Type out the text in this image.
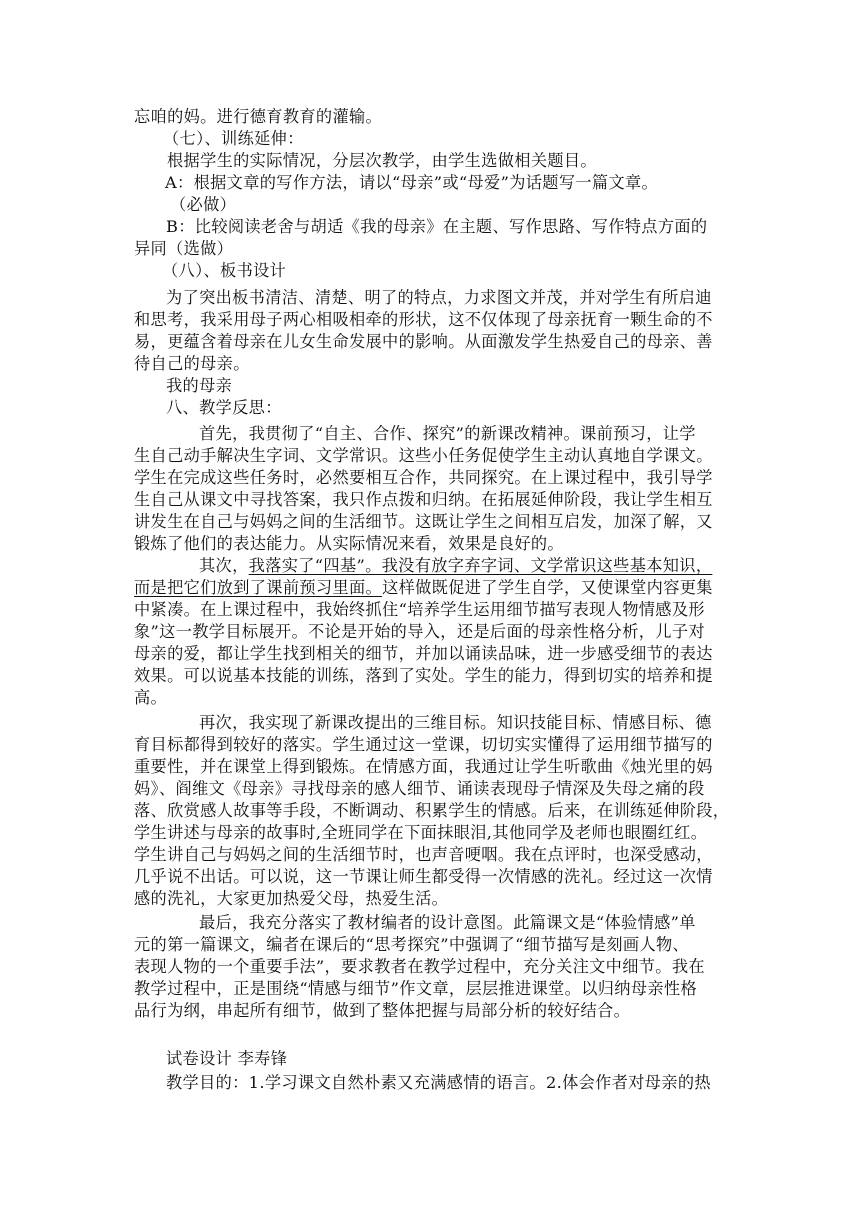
忘咱的妈。进行德育教育的灌输。
（七）、训练延伸：
根据学生的实际情况，分层次教学，由学生选做相关题目。
A：根据文章的写作方法，请以“母亲”或“母爱”为话题写一篇文章。
（必做）
B：比较阅读老舍与胡适《我的母亲》在主题、写作思路、写作特点方面的
异同（选做）
（八）、板书设计
为了突出板书清洁、清楚、明了的特点，力求图文并茂，并对学生有所启迪
和思考，我采用母子两心相吸相牵的形状，这不仅体现了母亲抚育一颗生命的不
易，更蕴含着母亲在儿女生命发展中的影响。从面激发学生热爱自己的母亲、善
待自己的母亲。
我的母亲
八、教学反思：
首先，我贯彻了“自主、合作、探究”的新课改精神。课前预习，让学
生自己动手解决生字词、文学常识。这些小任务促使学生主动认真地自学课文。
学生在完成这些任务时，必然要相互合作，共同探究。在上课过程中，我引导学
生自己从课文中寻找答案，我只作点拨和归纳。在拓展延伸阶段，我让学生相互
讲发生在自己与妈妈之间的生活细节。这既让学生之间相互启发，加深了解，又
锻炼了他们的表达能力。从实际情况来看，效果是良好的。
其次，我落实了“四基”。我没有放字弃字词、文学常识这些基本知识，
而是把它们放到了课前预习里面。这样做既促进了学生自学，又使课堂内容更集
中紧凑。在上课过程中，我始终抓住“培养学生运用细节描写表现人物情感及形
象”这一教学目标展开。不论是开始的导入，还是后面的母亲性格分析，儿子对
母亲的爱，都让学生找到相关的细节，并加以诵读品味，进一步感受细节的表达
效果。可以说基本技能的训练，落到了实处。学生的能力，得到切实的培养和提
高。
再次，我实现了新课改提出的三维目标。知识技能目标、情感目标、德
育目标都得到较好的落实。学生通过这一堂课，切切实实懂得了运用细节描写的
重要性，并在课堂上得到锻炼。在情感方面，我通过让学生听歌曲《烛光里的妈
妈》、阎维文《母亲》寻找母亲的感人细节、诵读表现母子情深及失母之痛的段
落、欣赏感人故事等手段，不断调动、积累学生的情感。后来，在训练延伸阶段，
学生讲述与母亲的故事时,全班同学在下面抹眼泪,其他同学及老师也眼圈红红。
学生讲自己与妈妈之间的生活细节时，也声音哽咽。我在点评时，也深受感动，
几乎说不出话。可以说，这一节课让师生都受得一次情感的洗礼。经过这一次情
感的洗礼，大家更加热爱父母，热爱生活。
最后，我充分落实了教材编者的设计意图。此篇课文是“体验情感”单
元的第一篇课文，编者在课后的“思考探究”中强调了“细节描写是刻画人物、
表现人物的一个重要手法”，要求教者在教学过程中，充分关注文中细节。我在
教学过程中，正是围绕“情感与细节”作文章，层层推进课堂。以归纳母亲性格
品行为纲，串起所有细节，做到了整体把握与局部分析的较好结合。
试卷设计 李寿锋
教学目的：1.学习课文自然朴素又充满感情的语言。2.体会作者对母亲的热
